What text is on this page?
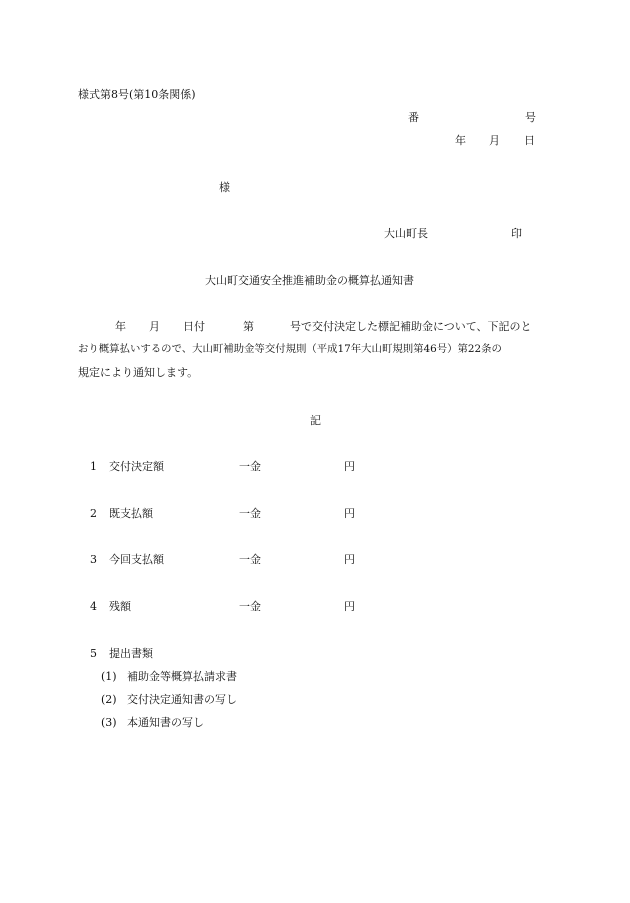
様式第8号(第10条関係)
番	号
年 月 日
様
大山町長	印
大山町交通安全推進補助金の概算払通知書
年 月 日付	第	号で交付決定した標記補助金について、下記のと
おり概算払いするので、大山町補助金等交付規則（平成17年大山町規則第46号）第22条の
規定により通知します。
記
1 交付決定額	一金	円
2 既支払額	一金	円
3 今回支払額	一金	円
4 残額	一金	円
5 提出書類
(1) 補助金等概算払請求書
(2) 交付決定通知書の写し
(3) 本通知書の写し
